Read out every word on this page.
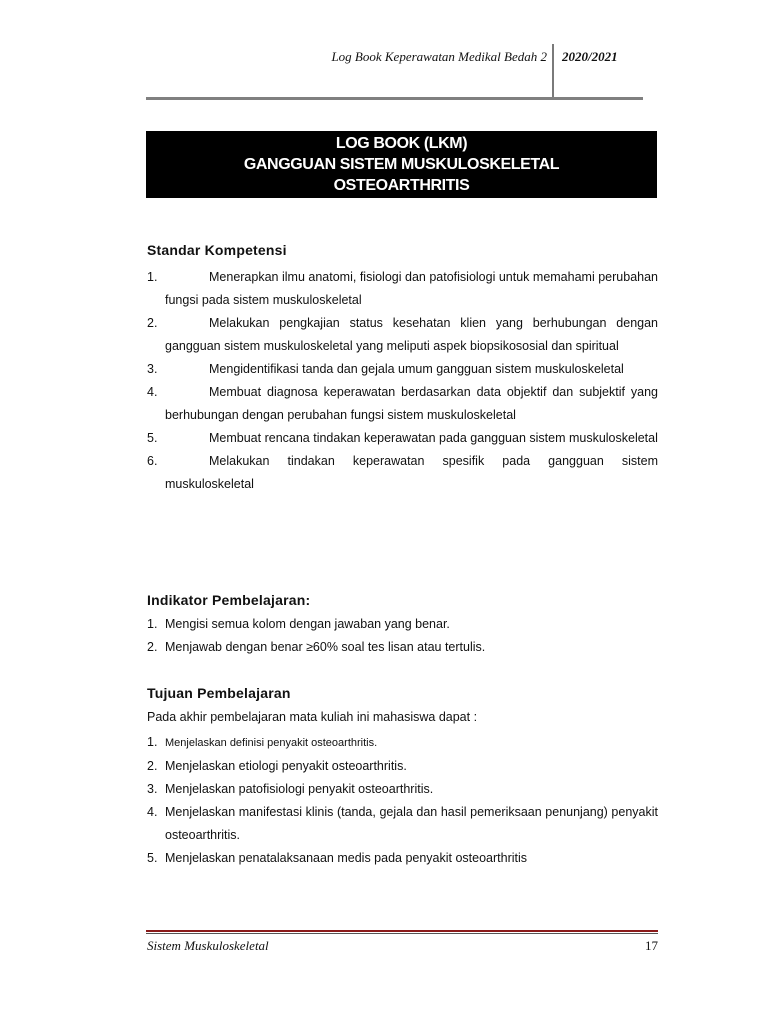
Log Book Keperawatan Medikal Bedah 2 2020/2021
LOG BOOK (LKM)
GANGGUAN SISTEM MUSKULOSKELETAL
OSTEOARTHRITIS
Standar Kompetensi
1.	Menerapkan ilmu anatomi, fisiologi dan patofisiologi untuk memahami perubahan fungsi pada sistem muskuloskeletal
2.	Melakukan pengkajian status kesehatan klien yang berhubungan dengan gangguan sistem muskuloskeletal yang meliputi aspek biopsikososial dan spiritual
3.	Mengidentifikasi tanda dan gejala umum gangguan sistem muskuloskeletal
4.	Membuat diagnosa keperawatan berdasarkan data objektif dan subjektif yang berhubungan dengan perubahan fungsi sistem muskuloskeletal
5.	Membuat rencana tindakan keperawatan pada gangguan sistem muskuloskeletal
6.	Melakukan tindakan keperawatan spesifik pada gangguan sistem muskuloskeletal
Indikator Pembelajaran:
1. Mengisi semua kolom dengan jawaban yang benar.
2. Menjawab dengan benar ≥60% soal tes lisan atau tertulis.
Tujuan Pembelajaran
Pada akhir pembelajaran mata kuliah ini mahasiswa dapat :
1. Menjelaskan definisi penyakit osteoarthritis.
2. Menjelaskan etiologi penyakit osteoarthritis.
3. Menjelaskan patofisiologi penyakit osteoarthritis.
4. Menjelaskan manifestasi klinis (tanda, gejala dan hasil pemeriksaan penunjang) penyakit osteoarthritis.
5. Menjelaskan penatalaksanaan medis pada penyakit osteoarthritis
Sistem Muskuloskeletal	17
